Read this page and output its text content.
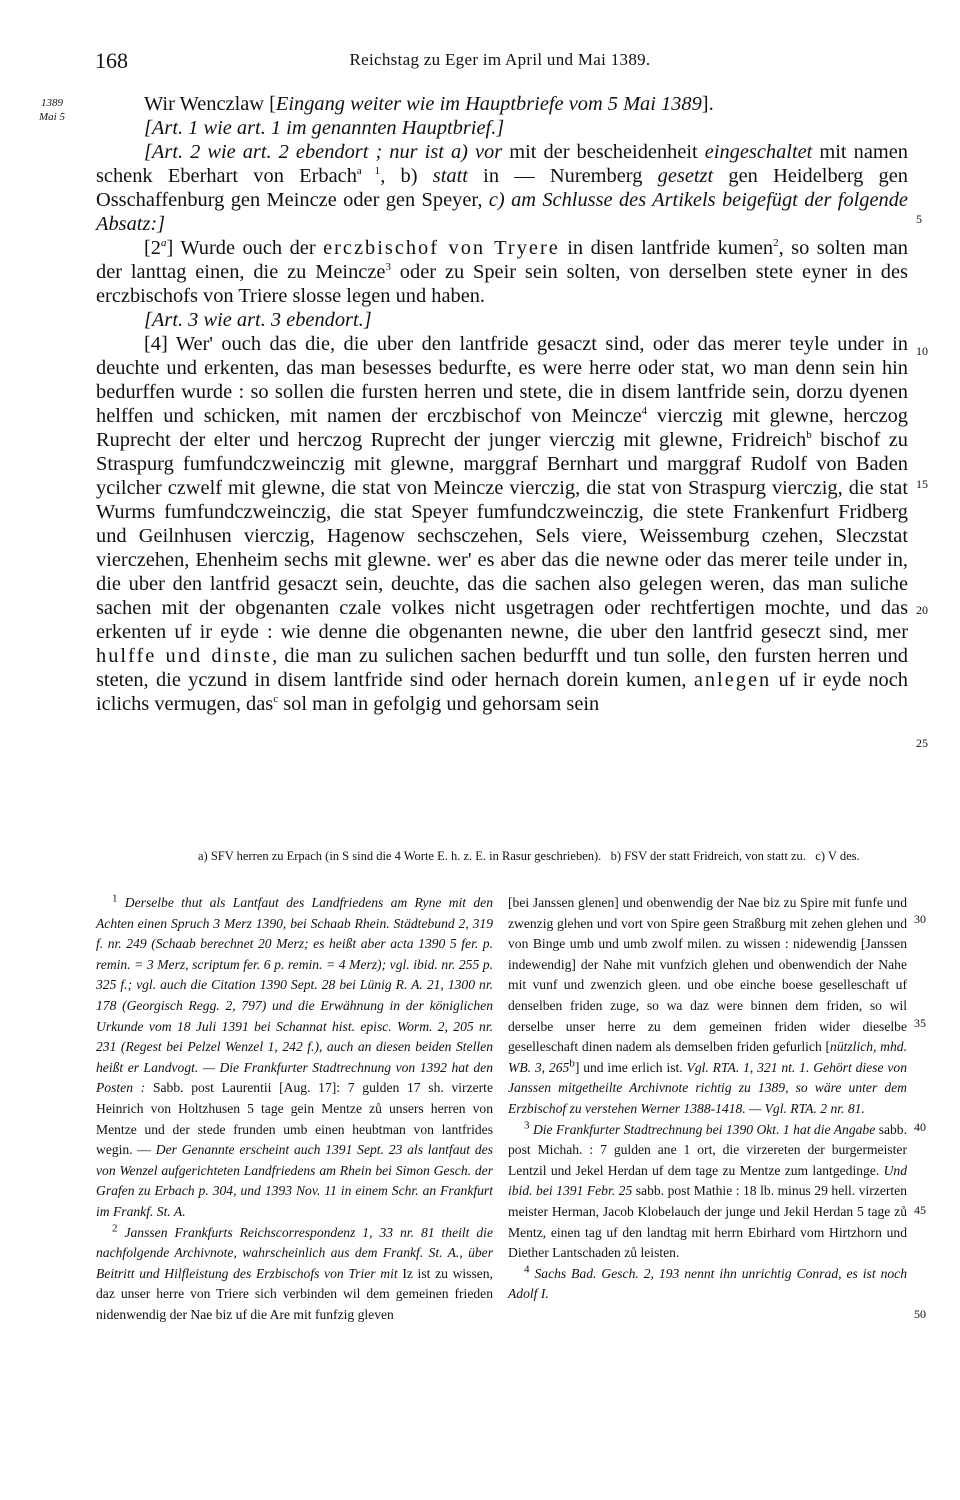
168	Reichstag zu Eger im April und Mai 1389.
1389
Mai 5

Wir Wenczlaw [Eingang weiter wie im Hauptbriefe vom 5 Mai 1389].

[Art. 1 wie art. 1 im genannten Hauptbrief.]

[Art. 2 wie art. 2 ebendort ; nur ist a) vor mit der bescheidenheit eingeschaltet mit namen schenk Eberhart von Erbach$^{a 1}$, b) statt in — Nuremberg gesetzt gen Heidelberg gen Osschaffenburg gen Meincze oder gen Speyer, c) am Schlusse des Artikels beigefügt der folgende Absatz:]

[2$^a$] Wurde ouch der erczbischof von Tryere in disen lantfride kumen$^2$, so solten man der lanttag einen, die zu Meincze$^3$ oder zu Speir sein solten, von derselben stete eyner in des erczbischofs von Triere slosse legen und haben.

[Art. 3 wie art. 3 ebendort.]

[4] Wer' ouch das die, die uber den lantfride gesaczt sind, oder das merer teyle under in deuchte und erkenten, das man besesses bedurfte, es were herre oder stat, wo man denn sein hin bedurffen wurde : so sollen die fursten herren und stete, die in disem lantfride sein, dorzu dyenen helffen und schicken, mit namen der erczbischof von Meincze$^4$ vierczig mit glewne, herczog Ruprecht der elter und herczog Ruprecht der junger vierczig mit glewne, Fridreich$^b$ bischof zu Straspurg fumfundczweinczig mit glewne, marggraf Bernhart und marggraf Rudolf von Baden ycilcher czwelf mit glewne, die stat von Meincze vierczig, die stat von Straspurg vierczig, die stat Wurms fumfundczweinczig, die stat Speyer fumfundczweinczig, die stete Frankenfurt Fridberg und Geilnhusen vierczig, Hagenow sechsczehen, Sels viere, Weissemburg czehen, Sleczstat vierczehen, Ehenheim sechs mit glewne. wer' es aber das die newne oder das merer teile under in, die uber den lantfrid gesaczt sein, deuchte, das die sachen also gelegen weren, das man suliche sachen mit der obgenanten czale volkes nicht usgetragen oder rechtfertigen mochte, und das erkenten uf ir eyde : wie denne die obgenanten newne, die uber den lantfrid geseczt sind, mer hulffe und dinste, die man zu sulichen sachen bedurfft und tun solle, den fursten herren und steten, die yczund in disem lantfride sind oder hernach dorein kumen, anlegen uf ir eyde noch iclichs vermugen, das$^c$ sol man in gefolgig und gehorsam sein

5
10
15
20
25
a) SFV herren zu Erpach (in S sind die 4 Worte E. h. z. E. in Rasur geschrieben). b) FSV der statt Fridreich, von statt zu. c) V des.

$^1$ Derselbe thut als Lantfaut des Landfriedens am Ryne mit den Achten einen Spruch 3 Merz 1390, bei Schaab Rhein. Städtebund 2, 319 f. nr. 249 (Schaab berechnet 20 Merz; es heißt aber acta 1390 5 fer. p. remin. = 3 Merz, scriptum fer. 6 p. remin. = 4 Merz); vgl. ibid. nr. 255 p. 325 f.; vgl. auch die Citation 1390 Sept. 28 bei Lünig R. A. 21, 1300 nr. 178 (Georgisch Regg. 2, 797) und die Erwähnung in der königlichen Urkunde vom 18 Juli 1391 bei Schannat hist. episc. Worm. 2, 205 nr. 231 (Regest bei Pelzel Wenzel 1, 242 f.), auch an diesen beiden Stellen heißt er Landvogt. — Die Frankfurter Stadtrechnung von 1392 hat den Posten : Sabb. post Laurentii [Aug. 17]: 7 gulden 17 sh. virzerte Heinrich von Holtzhusen 5 tage gein Mentze zů unsers herren von Mentze und der stede frunden umb einen heubtman von lantfrides wegin. — Der Genannte erscheint auch 1391 Sept. 23 als lantfaut des von Wenzel aufgerichteten Landfriedens am Rhein bei Simon Gesch. der Grafen zu Erbach p. 304, und 1393 Nov. 11 in einem Schr. an Frankfurt im Frankf. St. A.

$^2$ Janssen Frankfurts Reichscorrespondenz 1, 33 nr. 81 theilt die nachfolgende Archivnote, wahrscheinlich aus dem Frankf. St. A., über Beitritt und Hilfleistung des Erzbischofs von Trier mit Iz ist zu wissen, daz unser herre von Triere sich verbinden wil dem gemeinen frieden nidenwendig der Nae biz uf die Are mit funfzig gleven

[bei Janssen glenen] und obenwendig der Nae biz zu Spire mit funfe und zwenzig glehen und vort von Spire geen Straßburg mit zehen glehen und von Binge umb und umb zwolf milen. zu wissen : nidewendig [Janssen indewendig] der Nahe mit vunfzich glehen und obenwendich der Nahe mit vunf und zwenzich gleen. und obe einche boese geselleschaft uf denselben friden zuge, so wa daz were binnen dem friden, so wil derselbe unser herre zu dem gemeinen friden wider dieselbe geselleschaft dinen nadem als demselben friden gefurlich [nützlich, mhd. WB. 3, 265$^b$] und ime erlich ist. Vgl. RTA. 1, 321 nt. 1. Gehört diese von Janssen mitgetheilte Archivnote richtig zu 1389, so wäre unter dem Erzbischof zu verstehen Werner 1388-1418. — Vgl. RTA. 2 nr. 81.

$^3$ Die Frankfurter Stadtrechnung bei 1390 Okt. 1 hat die Angabe sabb. post Michah. : 7 gulden ane 1 ort, die virzereten der burgermeister Lentzil und Jekel Herdan uf dem tage zu Mentze zum lantgedinge. Und ibid. bei 1391 Febr. 25 sabb. post Mathie : 18 lb. minus 29 hell. virzerten meister Herman, Jacob Klobelauch der junge und Jekil Herdan 5 tage zů Mentz, einen tag uf den landtag mit herrn Ebirhard vom Hirtzhorn und Diether Lantschaden zů leisten.

$^4$ Sachs Bad. Gesch. 2, 193 nennt ihn unrichtig Conrad, es ist noch Adolf I.

30
35
40
45
50
